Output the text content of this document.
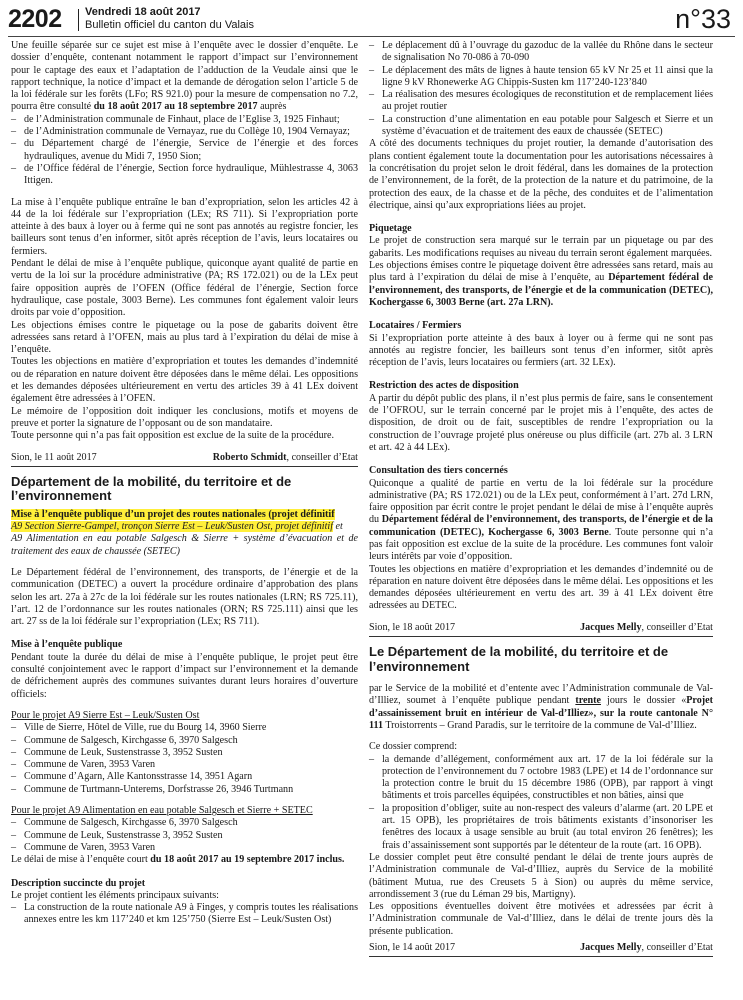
2202 Vendredi 18 août 2017
Bulletin officiel du canton du Valais	n°33

Une feuille séparée sur ce sujet est mise à l’enquête avec le dossier d’enquête. Le dossier d’enquête, contenant notamment le rapport d’impact sur l’environnement pour le captage des eaux et l’adaptation de l’adduction de la Veudale ainsi que le rapport technique, la notice d’impact et la demande de dérogation selon l’article 5 de la loi fédérale sur les forêts (LFo; RS 921.0) pour la mesure de compensation no 7.2, pourra être consulté du 18 août 2017 au 18 septembre 2017 auprès

– de l’Administration communale de Finhaut, place de l’Eglise 3, 1925 Finhaut;
– de l’Administration communale de Vernayaz, rue du Collège 10, 1904 Vernayaz;
– du Département chargé de l’énergie, Service de l’énergie et des forces hydrauliques, avenue du Midi 7, 1950 Sion;
– de l’Office fédéral de l’énergie, Section force hydraulique, Mühlestrasse 4, 3063 Ittigen.

La mise à l’enquête publique entraîne le ban d’expropriation, selon les articles 42 à 44 de la loi fédérale sur l’expropriation (LEx; RS 711). Si l’expropriation porte atteinte à des baux à loyer ou à ferme qui ne sont pas annotés au registre foncier, les bailleurs sont tenus d’en informer, sitôt après réception de l’avis, leurs locataires ou fermiers.

Pendant le délai de mise à l’enquête publique, quiconque ayant qualité de partie en vertu de la loi sur la procédure administrative (PA; RS 172.021) ou de la LEx peut faire opposition auprès de l’OFEN (Office fédéral de l’énergie, Section force hydraulique, case postale, 3003 Berne). Les communes font également valoir leurs droits par voie d’opposition.

Les objections émises contre le piquetage ou la pose de gabarits doivent être adressées sans retard à l’OFEN, mais au plus tard à l’expiration du délai de mise à l’enquête.

Toutes les objections en matière d’expropriation et toutes les demandes d’indemnité ou de réparation en nature doivent être déposées dans le même délai. Les oppositions et les demandes déposées ultérieurement en vertu des articles 39 à 41 LEx doivent également être adressées à l’OFEN.

Le mémoire de l’opposition doit indiquer les conclusions, motifs et moyens de preuve et porter la signature de l’opposant ou de son mandataire.

Toute personne qui n’a pas fait opposition est exclue de la suite de la procédure.

Sion, le 11 août 2017	Roberto Schmidt, conseiller d’Etat
Département de la mobilité, du territoire et de l’environnement

Mise à l’enquête publique d’un projet des routes nationales (projet définitif

A9 Section Sierre-Gampel, tronçon Sierre Est – Leuk/Susten Ost, projet définitif et

A9 Alimentation en eau potable Salgesch & Sierre + système d’évacuation et de traitement des eaux de chaussée (SETEC)

Le Département fédéral de l’environnement, des transports, de l’énergie et de la communication (DETEC) a ouvert la procédure ordinaire d’approbation des plans selon les art. 27a à 27c de la loi fédérale sur les routes nationales (LRN; RS 725.11), l’art. 12 de l’ordonnance sur les routes nationales (ORN; RS 725.111) ainsi que les art. 27 ss de la loi fédérale sur l’expropriation (LEx; RS 711).

Mise à l’enquête publique

Pendant toute la durée du délai de mise à l’enquête publique, le projet peut être consulté conjointement avec le rapport d’impact sur l’environnement et la demande de défrichement auprès des communes suivantes durant leurs horaires d’ouverture officiels:

Pour le projet A9 Sierre Est – Leuk/Susten Ost

– Ville de Sierre, Hôtel de Ville, rue du Bourg 14, 3960 Sierre
– Commune de Salgesch, Kirchgasse 6, 3970 Salgesch
– Commune de Leuk, Sustenstrasse 3, 3952 Susten
– Commune de Varen, 3953 Varen
– Commune d’Agarn, Alle Kantonsstrasse 14, 3951 Agarn
– Commune de Turtmann-Unterems, Dorfstrasse 26, 3946 Turtmann

Pour le projet A9 Alimentation en eau potable Salgesch et Sierre + SETEC

– Commune de Salgesch, Kirchgasse 6, 3970 Salgesch
– Commune de Leuk, Sustenstrasse 3, 3952 Susten
– Commune de Varen, 3953 Varen

Le délai de mise à l’enquête court du 18 août 2017 au 19 septembre 2017 inclus.

Description succincte du projet

Le projet contient les éléments principaux suivants:

– La construction de la route nationale A9 à Finges, y compris toutes les réalisations annexes entre les km 117’240 et km 125’750 (Sierre Est – Leuk/Susten Ost)
– Le déplacement dû à l’ouvrage du gazoduc de la vallée du Rhône dans le secteur de signalisation No 70-086 à 70-090
– Le déplacement des mâts de lignes à haute tension 65 kV Nr 25 et 11 ainsi que la ligne 9 kV Rhonewerke AG Chippis-Susten km 117’240-123’840
– La réalisation des mesures écologiques de reconstitution et de remplacement liées au projet routier
– La construction d’une alimentation en eau potable pour Salgesch et Sierre et un système d’évacuation et de traitement des eaux de chaussée (SETEC)

A côté des documents techniques du projet routier, la demande d’autorisation des plans contient également toute la documentation pour les autorisations nécessaires à la concrétisation du projet selon le droit fédéral, dans les domaines de la protection de l’environnement, de la forêt, de la protection de la nature et du patrimoine, de la protection des eaux, de la chasse et de la pêche, des conduites et de l’alimentation électrique, ainsi qu’aux expropriations liées au projet.

Piquetage

Le projet de construction sera marqué sur le terrain par un piquetage ou par des gabarits. Les modifications requises au niveau du terrain seront également marquées.

Les objections émises contre le piquetage doivent être adressées sans retard, mais au plus tard à l’expiration du délai de mise à l’enquête, au Département fédéral de l’environnement, des transports, de l’énergie et de la communication (DETEC), Kochergasse 6, 3003 Berne (art. 27a LRN).

Locataires / Fermiers

Si l’expropriation porte atteinte à des baux à loyer ou à ferme qui ne sont pas annotés au registre foncier, les bailleurs sont tenus d’en informer, sitôt après réception de l’avis, leurs locataires ou fermiers (art. 32 LEx).

Restriction des actes de disposition

A partir du dépôt public des plans, il n’est plus permis de faire, sans le consentement de l’OFROU, sur le terrain concerné par le projet mis à l’enquête, des actes de disposition, de droit ou de fait, susceptibles de rendre l’expropriation ou la construction de l’ouvrage projeté plus onéreuse ou plus difficile (art. 27b al. 3 LRN et art. 42 à 44 LEx).

Consultation des tiers concernés

Quiconque a qualité de partie en vertu de la loi fédérale sur la procédure administrative (PA; RS 172.021) ou de la LEx peut, conformément à l’art. 27d LRN, faire opposition par écrit contre le projet pendant le délai de mise à l’enquête auprès du Département fédéral de l’environnement, des transports, de l’énergie et de la communication (DETEC), Kochergasse 6, 3003 Berne. Toute personne qui n’a pas fait opposition est exclue de la suite de la procédure. Les communes font valoir leurs intérêts par voie d’opposition.

Toutes les objections en matière d’expropriation et les demandes d’indemnité ou de réparation en nature doivent être déposées dans le même délai. Les oppositions et les demandes déposées ultérieurement en vertu des art. 39 à 41 LEx doivent être adressées au DETEC.

Sion, le 18 août 2017	Jacques Melly, conseiller d’Etat
Le Département de la mobilité, du territoire et de l’environnement

par le Service de la mobilité et d’entente avec l’Administration communale de Val-d’Illiez, soumet à l’enquête publique pendant trente jours le dossier «Projet d’assainissement bruit en intérieur de Val-d’Illiez», sur la route cantonale N° 111 Troistorrents – Grand Paradis, sur le territoire de la commune de Val-d’Illiez.

Ce dossier comprend:

– la demande d’allégement, conformément aux art. 17 de la loi fédérale sur la protection de l’environnement du 7 octobre 1983 (LPE) et 14 de l’ordonnance sur la protection contre le bruit du 15 décembre 1986 (OPB), par rapport à vingt bâtiments et trois parcelles équipées, constructibles et non bâties, ainsi que
– la proposition d’obliger, suite au non-respect des valeurs d’alarme (art. 20 LPE et art. 15 OPB), les propriétaires de trois bâtiments existants d’insonoriser les fenêtres des locaux à usage sensible au bruit (au total environ 26 fenêtres); les frais d’assainissement sont supportés par le détenteur de la route (art. 16 OPB).

Le dossier complet peut être consulté pendant le délai de trente jours auprès de l’Administration communale de Val-d’Illiez, auprès du Service de la mobilité (bâtiment Mutua, rue des Creusets 5 à Sion) ou auprès du même service, arrondissement 3 (rue du Léman 29 bis, Martigny).

Les oppositions éventuelles doivent être motivées et adressées par écrit à l’Administration communale de Val-d’Illiez, dans le délai de trente jours dès la présente publication.

Sion, le 14 août 2017	Jacques Melly, conseiller d’Etat
